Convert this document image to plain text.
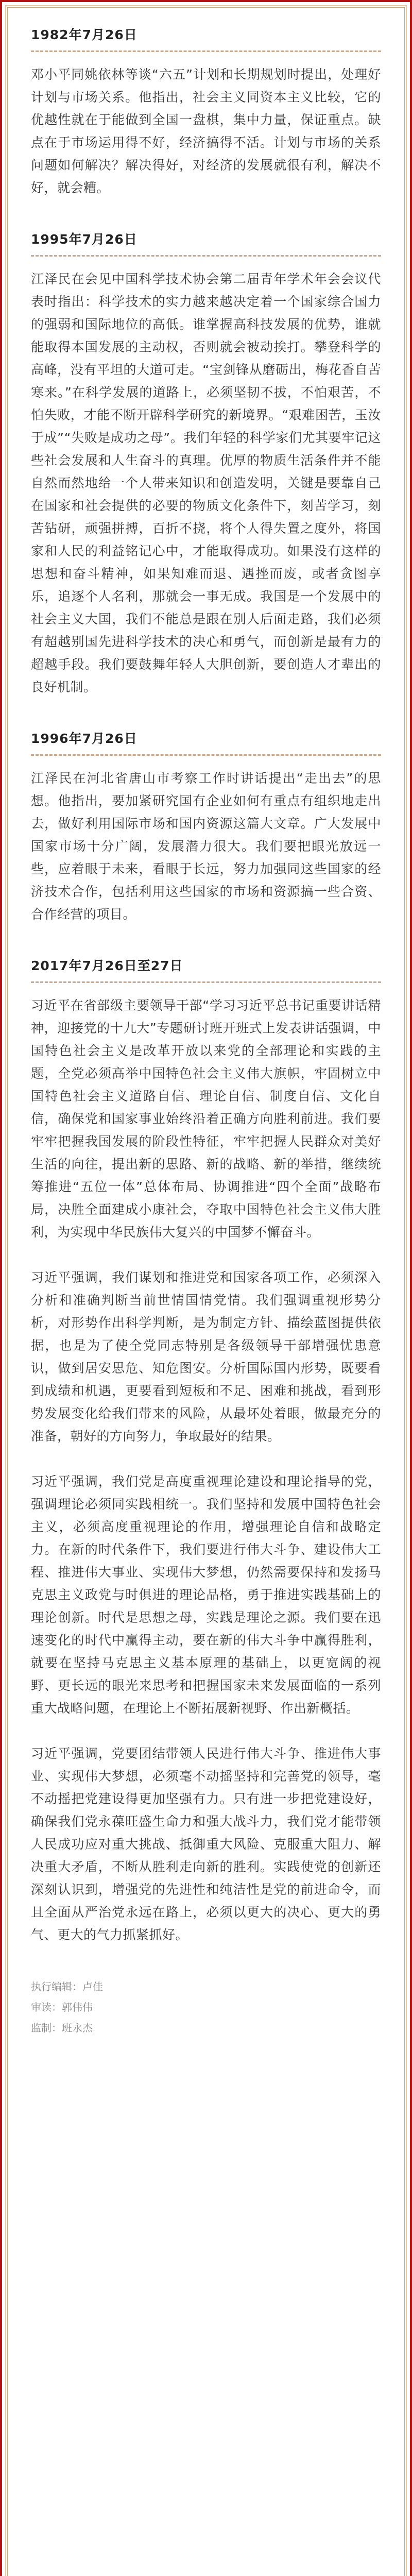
1982年7月26日

邓小平同姚依林等谈“六五”计划和长期规划时提出，处理好计划与市场关系。他指出，社会主义同资本主义比较，它的优越性就在于能做到全国一盘棋，集中力量，保证重点。缺点在于市场运用得不好，经济搞得不活。计划与市场的关系问题如何解决？解决得好，对经济的发展就很有利，解决不好，就会糟。

1995年7月26日

江泽民在会见中国科学技术协会第二届青年学术年会会议代表时指出：科学技术的实力越来越决定着一个国家综合国力的强弱和国际地位的高低。谁掌握高科技发展的优势，谁就能取得本国发展的主动权，否则就会被动挨打。攀登科学的高峰，没有平坦的大道可走。“宝剑锋从磨砺出，梅花香自苦寒来。”在科学发展的道路上，必须坚韧不拔，不怕艰苦，不怕失败，才能不断开辟科学研究的新境界。“艰难困苦，玉汝于成”“失败是成功之母”。我们年轻的科学家们尤其要牢记这些社会发展和人生奋斗的真理。优厚的物质生活条件并不能自然而然地给一个人带来知识和创造发明，关键是要靠自己在国家和社会提供的必要的物质文化条件下，刻苦学习，刻苦钻研，顽强拼搏，百折不挠，将个人得失置之度外，将国家和人民的利益铭记心中，才能取得成功。如果没有这样的思想和奋斗精神，如果知难而退、遇挫而废，或者贪图享乐，追逐个人名利，那就会一事无成。我国是一个发展中的社会主义大国，我们不能总是跟在别人后面走路，我们必须有超越别国先进科学技术的决心和勇气，而创新是最有力的超越手段。我们要鼓舞年轻人大胆创新，要创造人才辈出的良好机制。

1996年7月26日

江泽民在河北省唐山市考察工作时讲话提出“走出去”的思想。他指出，要加紧研究国有企业如何有重点有组织地走出去，做好利用国际市场和国内资源这篇大文章。广大发展中国家市场十分广阔，发展潜力很大。我们要把眼光放远一些，应着眼于未来，看眼于长远，努力加强同这些国家的经济技术合作，包括利用这些国家的市场和资源搞一些合资、合作经营的项目。

2017年7月26日至27日

习近平在省部级主要领导干部“学习习近平总书记重要讲话精神，迎接党的十九大”专题研讨班开班式上发表讲话强调，中国特色社会主义是改革开放以来党的全部理论和实践的主题，全党必须高举中国特色社会主义伟大旗帜，牢固树立中国特色社会主义道路自信、理论自信、制度自信、文化自信，确保党和国家事业始终沿着正确方向胜利前进。我们要牢牢把握我国发展的阶段性特征，牢牢把握人民群众对美好生活的向往，提出新的思路、新的战略、新的举措，继续统筹推进“五位一体”总体布局、协调推进“四个全面”战略布局，决胜全面建成小康社会，夺取中国特色社会主义伟大胜利，为实现中华民族伟大复兴的中国梦不懈奋斗。

习近平强调，我们谋划和推进党和国家各项工作，必须深入分析和准确判断当前世情国情党情。我们强调重视形势分析，对形势作出科学判断，是为制定方针、描绘蓝图提供依据，也是为了使全党同志特别是各级领导干部增强忧患意识，做到居安思危、知危图安。分析国际国内形势，既要看到成绩和机遇，更要看到短板和不足、困难和挑战，看到形势发展变化给我们带来的风险，从最坏处着眼，做最充分的准备，朝好的方向努力，争取最好的结果。

习近平强调，我们党是高度重视理论建设和理论指导的党，强调理论必须同实践相统一。我们坚持和发展中国特色社会主义，必须高度重视理论的作用，增强理论自信和战略定力。在新的时代条件下，我们要进行伟大斗争、建设伟大工程、推进伟大事业、实现伟大梦想，仍然需要保持和发扬马克思主义政党与时俱进的理论品格，勇于推进实践基础上的理论创新。时代是思想之母，实践是理论之源。我们要在迅速变化的时代中赢得主动，要在新的伟大斗争中赢得胜利，就要在坚持马克思主义基本原理的基础上，以更宽阔的视野、更长远的眼光来思考和把握国家未来发展面临的一系列重大战略问题，在理论上不断拓展新视野、作出新概括。

习近平强调，党要团结带领人民进行伟大斗争、推进伟大事业、实现伟大梦想，必须毫不动摇坚持和完善党的领导，毫不动摇把党建设得更加坚强有力。只有进一步把党建设好，确保我们党永葆旺盛生命力和强大战斗力，我们党才能带领人民成功应对重大挑战、抵御重大风险、克服重大阻力、解决重大矛盾，不断从胜利走向新的胜利。实践使党的创新还深刻认识到，增强党的先进性和纯洁性是党的前进命令，而且全面从严治党永远在路上，必须以更大的决心、更大的勇气、更大的气力抓紧抓好。

执行编辑：卢佳
审读：郭伟伟
监制：班永杰
